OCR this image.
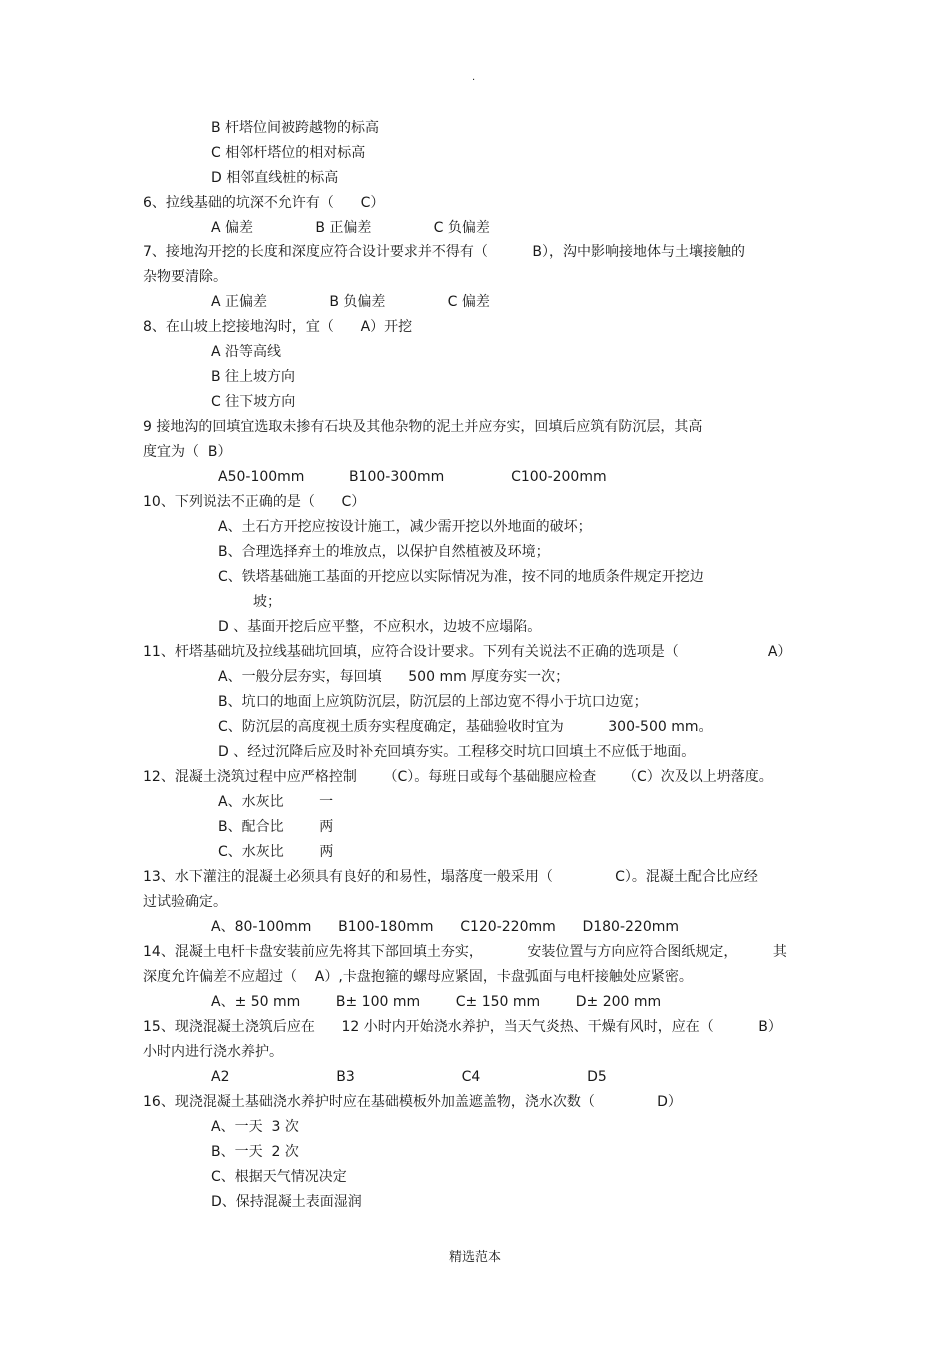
.
B 杆塔位间被跨越物的标高
C 相邻杆塔位的相对标高
D 相邻直线桩的标高
6、拉线基础的坑深不允许有（      C）
A 偏差              B 正偏差              C 负偏差
7、接地沟开挖的长度和深度应符合设计要求并不得有（          B），沟中影响接地体与土壤接触的
杂物要清除。
A 正偏差              B 负偏差              C 偏差
8、在山坡上挖接地沟时，宜（      A）开挖
A 沿等高线
B 往上坡方向
C 往下坡方向
9 接地沟的回填宜选取未掺有石块及其他杂物的泥土并应夯实，回填后应筑有防沉层，其高
度宜为（  B）
A50-100mm          B100-300mm               C100-200mm
10、下列说法不正确的是（      C）
A、土石方开挖应按设计施工，减少需开挖以外地面的破坏；
B、合理选择弃土的堆放点，以保护自然植被及环境；
C、铁塔基础施工基面的开挖应以实际情况为准，按不同的地质条件规定开挖边
坡；
D 、基面开挖后应平整，不应积水，边坡不应塌陷。
11、杆塔基础坑及拉线基础坑回填，应符合设计要求。下列有关说法不正确的选项是（                    A）
A、一般分层夯实，每回填      500 mm 厚度夯实一次；
B、坑口的地面上应筑防沉层，防沉层的上部边宽不得小于坑口边宽；
C、防沉层的高度视土质夯实程度确定，基础验收时宜为          300-500 mm。
D 、经过沉降后应及时补充回填夯实。工程移交时坑口回填土不应低于地面。
12、混凝土浇筑过程中应严格控制      （C）。每班日或每个基础腿应检查      （C）次及以上坍落度。
A、水灰比        一
B、配合比        两
C、水灰比        两
13、水下灌注的混凝土必须具有良好的和易性，塌落度一般采用（              C）。混凝土配合比应经
过试验确定。
A、80-100mm      B100-180mm      C120-220mm      D180-220mm
14、混凝土电杆卡盘安装前应先将其下部回填土夯实，          安装位置与方向应符合图纸规定，        其
深度允许偏差不应超过（    A）,卡盘抱箍的螺母应紧固，卡盘弧面与电杆接触处应紧密。
A、± 50 mm        B± 100 mm        C± 150 mm        D± 200 mm
15、现浇混凝土浇筑后应在      12 小时内开始浇水养护，当天气炎热、干燥有风时，应在（          B）
小时内进行浇水养护。
A2                        B3                        C4                        D5
16、现浇混凝土基础浇水养护时应在基础模板外加盖遮盖物，浇水次数（              D）
A、一天  3 次
B、一天  2 次
C、根据天气情况决定
D、保持混凝土表面湿润
精选范本
